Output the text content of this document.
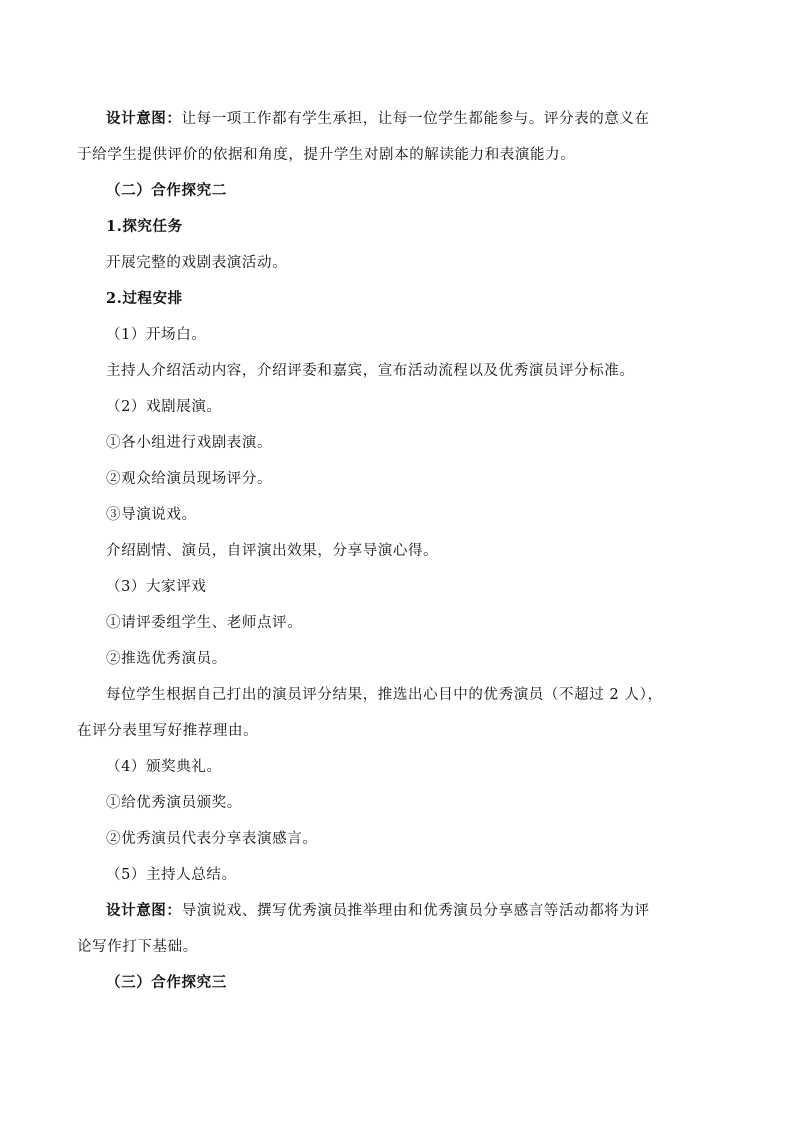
设计意图：让每一项工作都有学生承担，让每一位学生都能参与。评分表的意义在
于给学生提供评价的依据和角度，提升学生对剧本的解读能力和表演能力。
（二）合作探究二
1.探究任务
开展完整的戏剧表演活动。
2.过程安排
（1）开场白。
主持人介绍活动内容，介绍评委和嘉宾，宣布活动流程以及优秀演员评分标准。
（2）戏剧展演。
①各小组进行戏剧表演。
②观众给演员现场评分。
③导演说戏。
介绍剧情、演员，自评演出效果，分享导演心得。
（3）大家评戏
①请评委组学生、老师点评。
②推选优秀演员。
每位学生根据自己打出的演员评分结果，推选出心目中的优秀演员（不超过 2 人），
在评分表里写好推荐理由。
（4）颁奖典礼。
①给优秀演员颁奖。
②优秀演员代表分享表演感言。
（5）主持人总结。
设计意图：导演说戏、撰写优秀演员推举理由和优秀演员分享感言等活动都将为评
论写作打下基础。
（三）合作探究三
